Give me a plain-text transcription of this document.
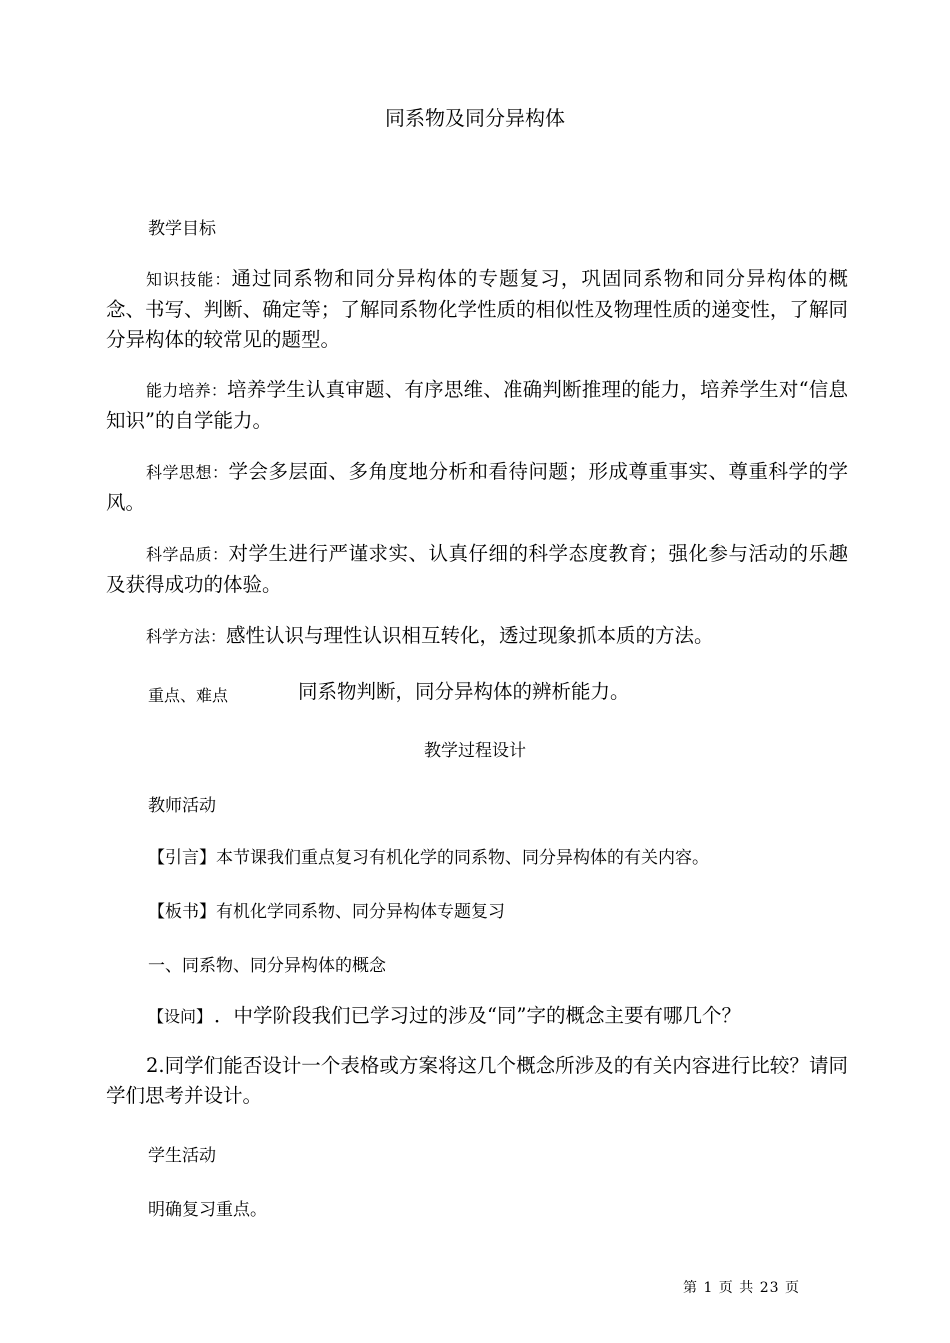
同系物及同分异构体
教学目标
知识技能：通过同系物和同分异构体的专题复习，巩固同系物和同分异构体的概念、书写、判断、确定等；了解同系物化学性质的相似性及物理性质的递变性，了解同分异构体的较常见的题型。
能力培养：培养学生认真审题、有序思维、准确判断推理的能力，培养学生对“信息知识”的自学能力。
科学思想：学会多层面、多角度地分析和看待问题；形成尊重事实、尊重科学的学风。
科学品质：对学生进行严谨求实、认真仔细的科学态度教育；强化参与活动的乐趣及获得成功的体验。
科学方法：感性认识与理性认识相互转化，透过现象抓本质的方法。
重点、难点	同系物判断，同分异构体的辨析能力。
教学过程设计
教师活动
【引言】本节课我们重点复习有机化学的同系物、同分异构体的有关内容。
【板书】有机化学同系物、同分异构体专题复习
一、同系物、同分异构体的概念
【设问】 ．中学阶段我们已学习过的涉及“同”字的概念主要有哪几个？
2.同学们能否设计一个表格或方案将这几个概念所涉及的有关内容进行比较？请同学们思考并设计。
学生活动
明确复习重点。
第 1 页 共 23 页
